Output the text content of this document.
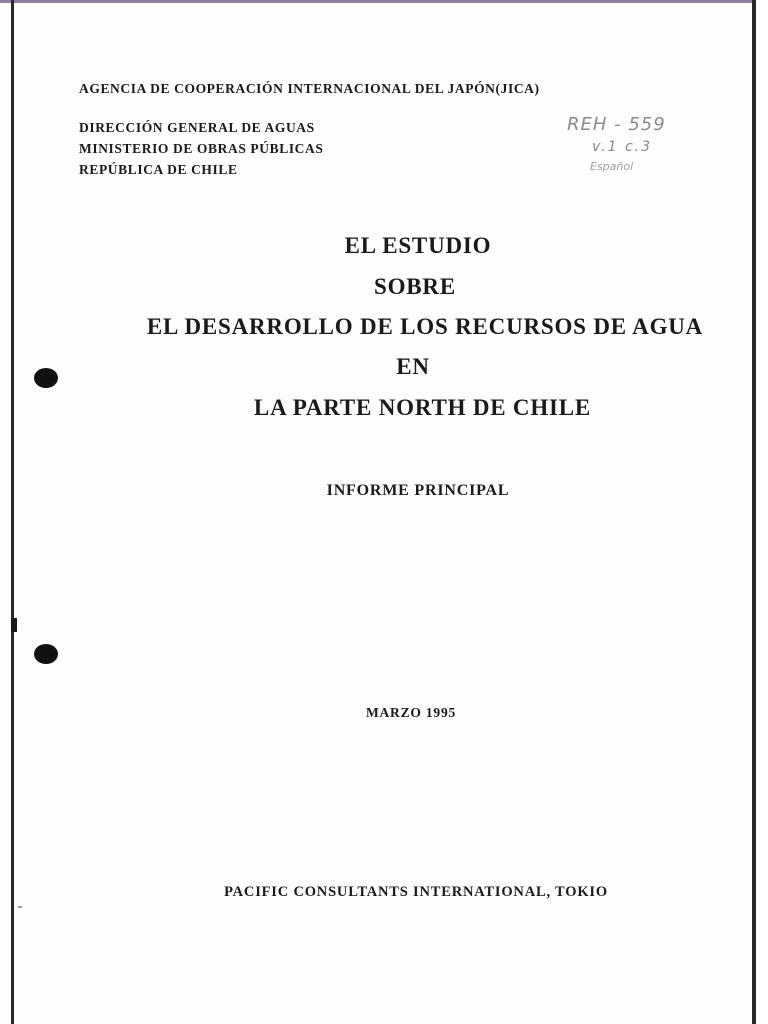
AGENCIA DE COOPERACIÓN INTERNACIONAL DEL JAPÓN(JICA)
DIRECCIÓN GENERAL DE AGUAS
MINISTERIO DE OBRAS PÚBLICAS
REPÚBLICA DE CHILE
REH - 559
v.1 c.3
Español
EL ESTUDIO
SOBRE
EL DESARROLLO DE LOS RECURSOS DE AGUA
EN
LA PARTE NORTH DE CHILE
INFORME PRINCIPAL
MARZO 1995
PACIFIC CONSULTANTS INTERNATIONAL, TOKIO
